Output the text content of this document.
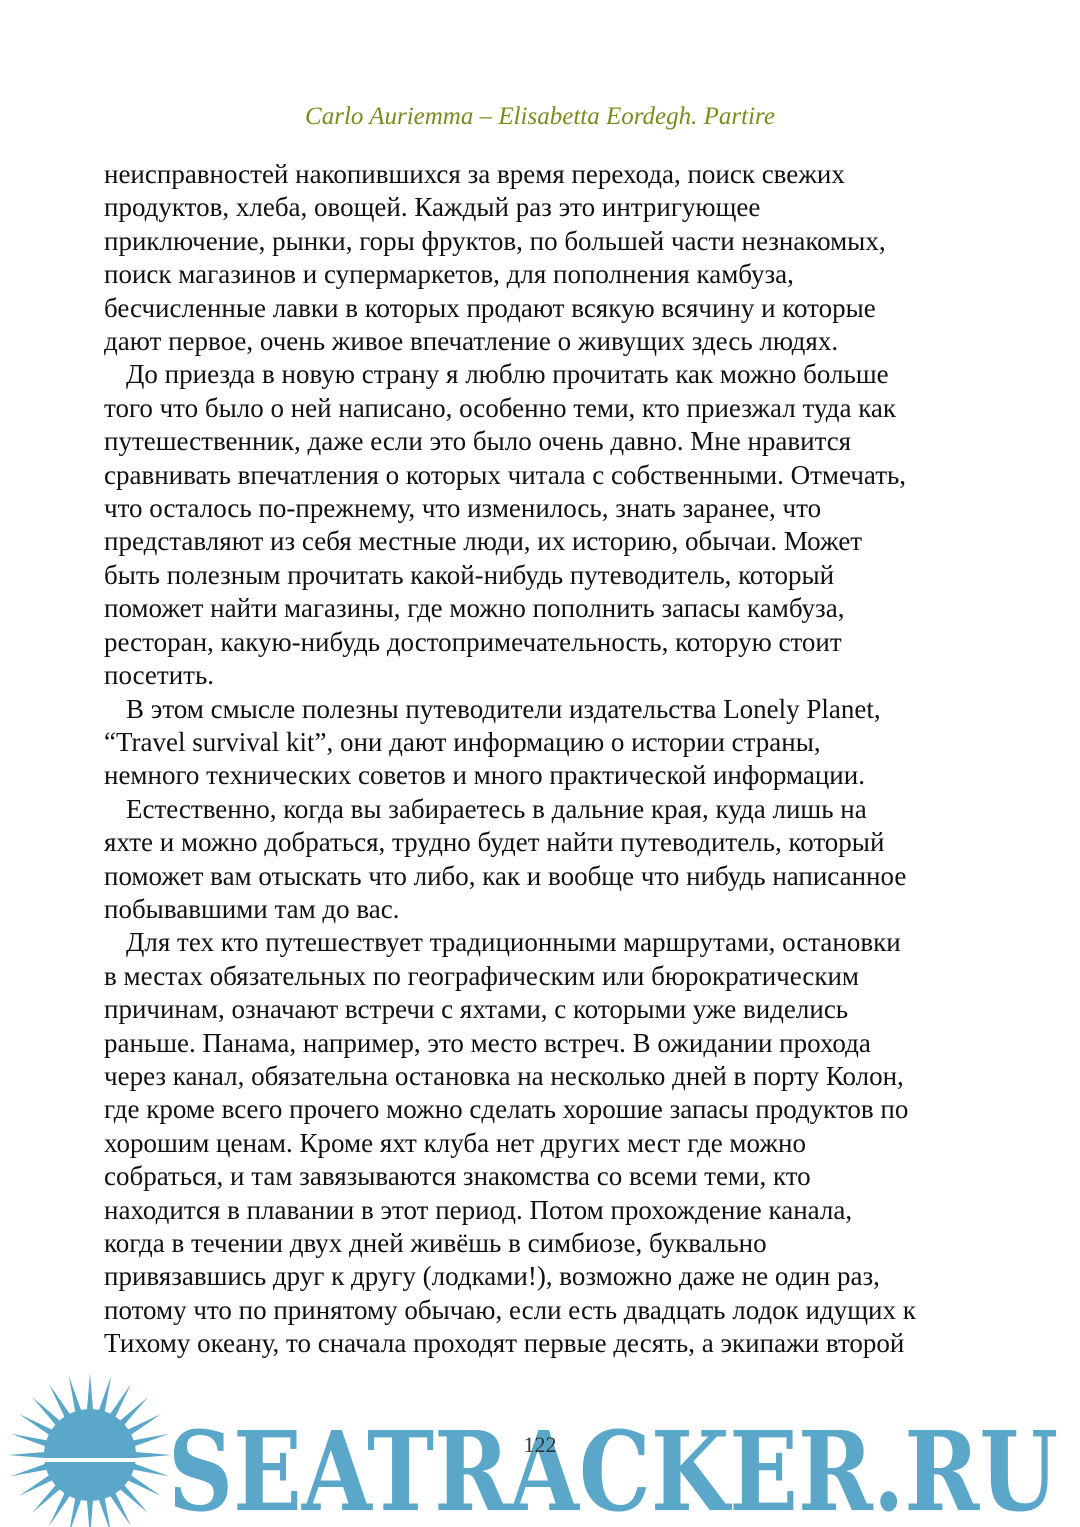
Carlo Auriemma – Elisabetta Eordegh. Partire
неисправностей накопившихся за время перехода, поиск свежих
продуктов, хлеба, овощей. Каждый раз это интригующее
приключение, рынки, горы фруктов, по большей части незнакомых,
поиск магазинов и супермаркетов, для пополнения камбуза,
бесчисленные лавки в которых продают всякую всячину и которые
дают первое, очень живое впечатление о живущих здесь людях.
До приезда в новую страну я люблю прочитать как можно больше
того что было о ней написано, особенно теми, кто приезжал туда как
путешественник, даже если это было очень давно. Мне нравится
сравнивать впечатления о которых читала с собственными. Отмечать,
что осталось по-прежнему, что изменилось, знать заранее, что
представляют из себя местные люди, их историю, обычаи. Может
быть полезным прочитать какой-нибудь путеводитель, который
поможет найти магазины, где можно пополнить запасы камбуза,
ресторан, какую-нибудь достопримечательность, которую стоит
посетить.
В этом смысле полезны путеводители издательства Lonely Planet,
“Travel survival kit”, они дают информацию о истории страны,
немного технических советов и много практической информации.
Естественно, когда вы забираетесь в дальние края, куда лишь на
яхте и можно добраться, трудно будет найти путеводитель, который
поможет вам отыскать что либо, как и вообще что нибудь написанное
побывавшими там до вас.
Для тех кто путешествует традиционными маршрутами, остановки
в местах обязательных по географическим или бюрократическим
причинам, означают встречи с яхтами, с которыми уже виделись
раньше. Панама, например, это место встреч. В ожидании прохода
через канал, обязательна остановка на несколько дней в порту Колон,
где кроме всего прочего можно сделать хорошие запасы продуктов по
хорошим ценам. Кроме яхт клуба нет других мест где можно
собраться, и там завязываются знакомства со всеми теми, кто
находится в плавании в этот период. Потом прохождение канала,
когда в течении двух дней живёшь в симбиозе, буквально
привязавшись друг к другу (лодками!), возможно даже не один раз,
потому что по принятому обычаю, если есть двадцать лодок идущих к
Тихому океану, то сначала проходят первые десять, а экипажи второй
SEATRACKER.RU
122
